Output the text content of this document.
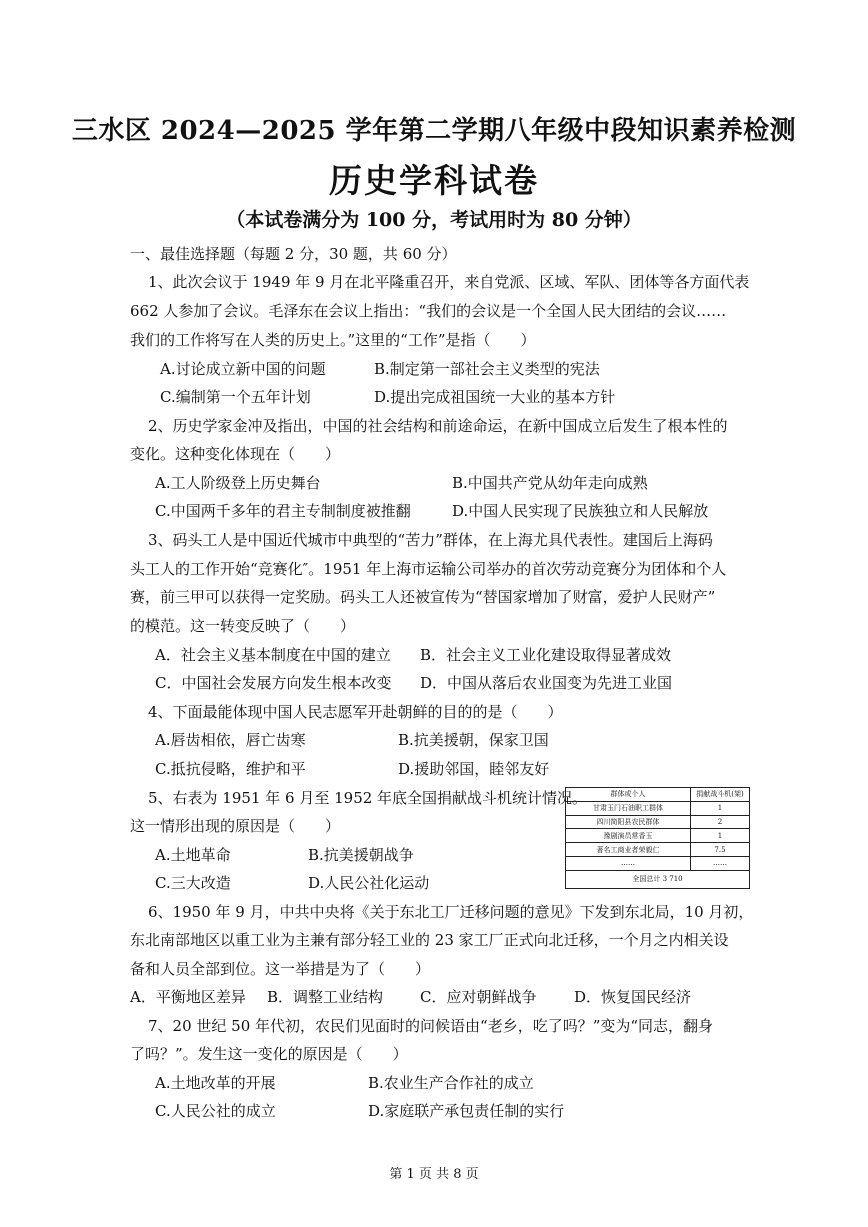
三水区 2024—2025 学年第二学期八年级中段知识素养检测
历史学科试卷
（本试卷满分为 100 分，考试用时为 80 分钟）
一、最佳选择题（每题 2 分，30 题，共 60 分）
1、此次会议于 1949 年 9 月在北平隆重召开，来自党派、区域、军队、团体等各方面代表
662 人参加了会议。毛泽东在会议上指出：“我们的会议是一个全国人民大团结的会议……
我们的工作将写在人类的历史上。”这里的“工作”是指（　　）
A.讨论成立新中国的问题	B.制定第一部社会主义类型的宪法
C.编制第一个五年计划	D.提出完成祖国统一大业的基本方针
2、历史学家金冲及指出，中国的社会结构和前途命运，在新中国成立后发生了根本性的
变化。这种变化体现在（　　）
A.工人阶级登上历史舞台	B.中国共产党从幼年走向成熟
C.中国两千多年的君主专制制度被推翻	D.中国人民实现了民族独立和人民解放
3、码头工人是中国近代城市中典型的“苦力”群体，在上海尤具代表性。建国后上海码
头工人的工作开始“竞赛化″。1951 年上海市运输公司举办的首次劳动竞赛分为团体和个人
赛，前三甲可以获得一定奖励。码头工人还被宣传为“替国家增加了财富，爱护人民财产”
的模范。这一转变反映了（　　）
A．社会主义基本制度在中国的建立 B．社会主义工业化建设取得显著成效
C．中国社会发展方向发生根本改变 D．中国从落后农业国变为先进工业国
4、下面最能体现中国人民志愿军开赴朝鲜的目的的是（　　）
A.唇齿相依，唇亡齿寒	B.抗美援朝，保家卫国
C.抵抗侵略，维护和平	D.援助邻国，睦邻友好
5、右表为 1951 年 6 月至 1952 年底全国捐献战斗机统计情况。
这一情形出现的原因是（　　）
A.土地革命	B.抗美援朝战争
C.三大改造	D.人民公社化运动
群体或个人	捐献战斗机(架)
甘肃玉门石油职工群体	1
四川简阳县农民群体	2
豫剧演员常香玉	1
著名工商业者荣毅仁	7.5
……	……
全国总计 3 710	
6、1950 年 9 月，中共中央将《关于东北工厂迁移问题的意见》下发到东北局，10 月初，
东北南部地区以重工业为主兼有部分轻工业的 23 家工厂正式向北迁移，一个月之内相关设
备和人员全部到位。这一举措是为了（　　）
A．平衡地区差异 B．调整工业结构 C．应对朝鲜战争	D．恢复国民经济
7、20 世纪 50 年代初，农民们见面时的问候语由“老乡，吃了吗？”变为“同志，翻身
了吗？”。发生这一变化的原因是（　　）
A.土地改革的开展	B.农业生产合作社的成立
C.人民公社的成立	D.家庭联产承包责任制的实行
第 1 页 共 8 页
